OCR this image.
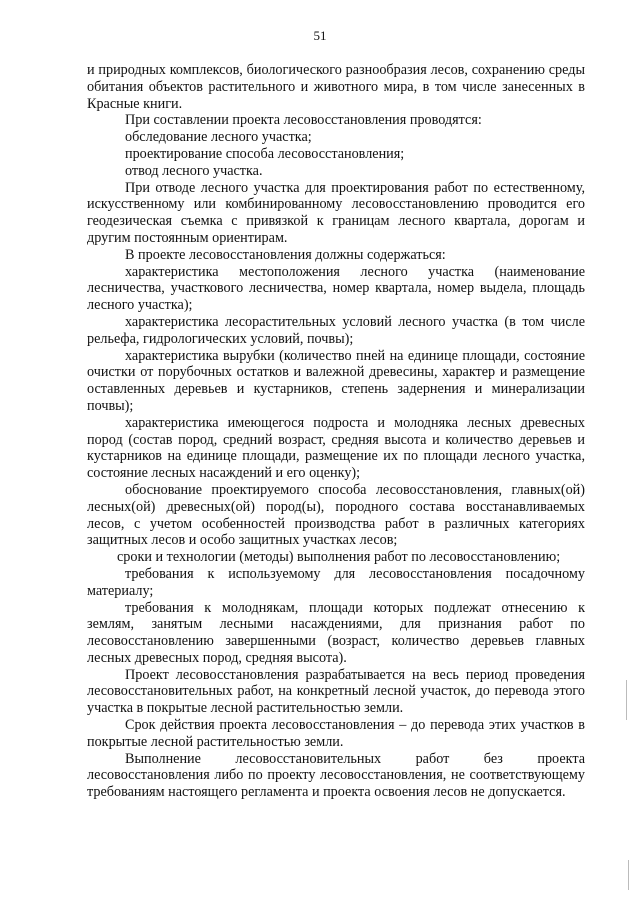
51

и природных комплексов, биологического разнообразия лесов, сохранению среды обитания объектов растительного и животного мира, в том числе занесенных в Красные книги.

При составлении проекта лесовосстановления проводятся:

обследование лесного участка;

проектирование способа лесовосстановления;

отвод лесного участка.

При отводе лесного участка для проектирования работ по естественному, искусственному или комбинированному лесовосстановлению проводится его геодезическая съемка с привязкой к границам лесного квартала, дорогам и другим постоянным ориентирам.

В проекте лесовосстановления должны содержаться:

характеристика местоположения лесного участка (наименование лесничества, участкового лесничества, номер квартала, номер выдела, площадь лесного участка);

характеристика лесорастительных условий лесного участка (в том числе рельефа, гидрологических условий, почвы);

характеристика вырубки (количество пней на единице площади, состояние очистки от порубочных остатков и валежной древесины, характер и размещение оставленных деревьев и кустарников, степень задернения и минерализации почвы);

характеристика имеющегося подроста и молодняка лесных древесных пород (состав пород, средний возраст, средняя высота и количество деревьев и кустарников на единице площади, размещение их по площади лесного участка, состояние лесных насаждений и его оценку);

обоснование проектируемого способа лесовосстановления, главных(ой) лесных(ой) древесных(ой) пород(ы), породного состава восстанавливаемых лесов, с учетом особенностей производства работ в различных категориях защитных лесов и особо защитных участках лесов;

сроки и технологии (методы) выполнения работ по лесовосстановлению;

требования к используемому для лесовосстановления посадочному материалу;

требования к молоднякам, площади которых подлежат отнесению к землям, занятым лесными насаждениями, для признания работ по лесовосстановлению завершенными (возраст, количество деревьев главных лесных древесных пород, средняя высота).

Проект лесовосстановления разрабатывается на весь период проведения лесовосстановительных работ, на конкретный лесной участок, до перевода этого участка в покрытые лесной растительностью земли.

Срок действия проекта лесовосстановления – до перевода этих участков в покрытые лесной растительностью земли.

Выполнение лесовосстановительных работ без проекта лесовосстановления либо по проекту лесовосстановления, не соответствующему требованиям настоящего регламента и проекта освоения лесов не допускается.
